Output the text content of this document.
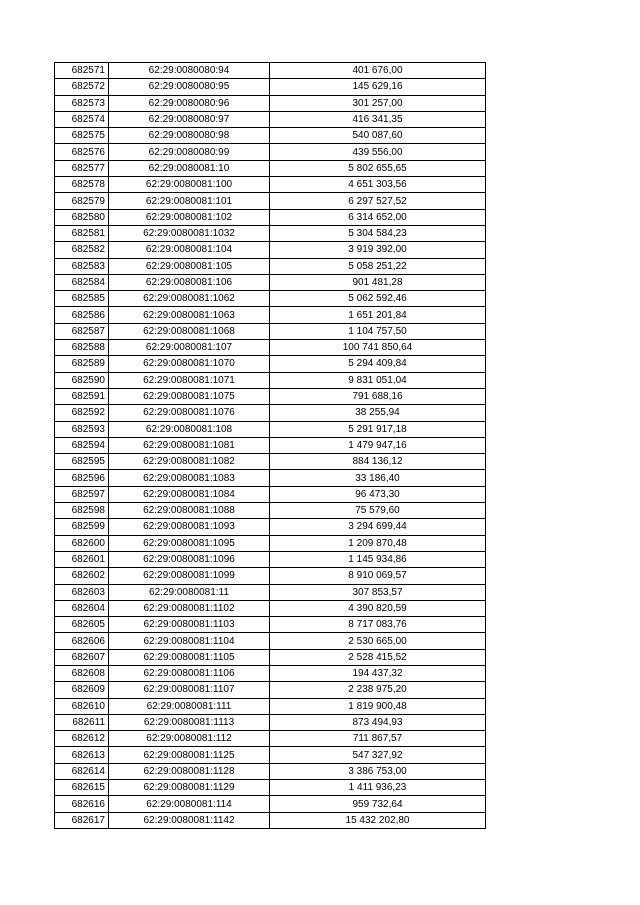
682571	62:29:0080080:94	401 676,00
682572	62:29:0080080:95	145 629,16
682573	62:29:0080080:96	301 257,00
682574	62:29:0080080:97	416 341,35
682575	62:29:0080080:98	540 087,60
682576	62:29:0080080:99	439 556,00
682577	62:29:0080081:10	5 802 655,65
682578	62:29:0080081:100	4 651 303,56
682579	62:29:0080081:101	6 297 527,52
682580	62:29:0080081:102	6 314 652,00
682581	62:29:0080081:1032	5 304 584,23
682582	62:29:0080081:104	3 919 392,00
682583	62:29:0080081:105	5 058 251,22
682584	62:29:0080081:106	901 481,28
682585	62:29:0080081:1062	5 062 592,46
682586	62:29:0080081:1063	1 651 201,84
682587	62:29:0080081:1068	1 104 757,50
682588	62:29:0080081:107	100 741 850,64
682589	62:29:0080081:1070	5 294 409,84
682590	62:29:0080081:1071	9 831 051,04
682591	62:29:0080081:1075	791 688,16
682592	62:29:0080081:1076	38 255,94
682593	62:29:0080081:108	5 291 917,18
682594	62:29:0080081:1081	1 479 947,16
682595	62:29:0080081:1082	884 136,12
682596	62:29:0080081:1083	33 186,40
682597	62:29:0080081:1084	96 473,30
682598	62:29:0080081:1088	75 579,60
682599	62:29:0080081:1093	3 294 699,44
682600	62:29:0080081:1095	1 209 870,48
682601	62:29:0080081:1096	1 145 934,86
682602	62:29:0080081:1099	8 910 069,57
682603	62:29:0080081:11	307 853,57
682604	62:29:0080081:1102	4 390 820,59
682605	62:29:0080081:1103	8 717 083,76
682606	62:29:0080081:1104	2 530 665,00
682607	62:29:0080081:1105	2 528 415,52
682608	62:29:0080081:1106	194 437,32
682609	62:29:0080081:1107	2 238 975,20
682610	62:29:0080081:111	1 819 900,48
682611	62:29:0080081:1113	873 494,93
682612	62:29:0080081:112	711 867,57
682613	62:29:0080081:1125	547 327,92
682614	62:29:0080081:1128	3 386 753,00
682615	62:29:0080081:1129	1 411 936,23
682616	62:29:0080081:114	959 732,64
682617	62:29:0080081:1142	15 432 202,80
